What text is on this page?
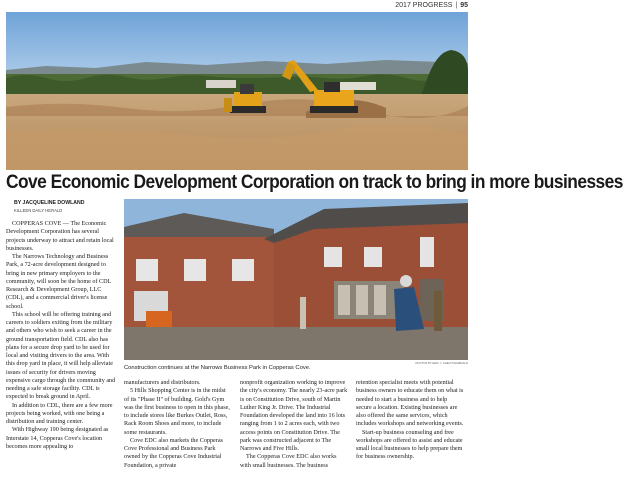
2017 PROGRESS | 95
Cove Economic Development Corporation on track to bring in more businesses
BY JACQUELINE DOWLAND
KILLEEN DAILY HERALD

COPPERAS COVE — The Economic Development Corporation has several projects underway to attract and retain local businesses.

The Narrows Technology and Business Park, a 72-acre development designed to bring in new primary employers to the community, will soon be the home of CDL Research & Development Group, LLC (CDL), and a commercial driver's license school.

This school will be offering training and careers to soldiers exiting from the military and others who wish to seek a career in the ground transportation field. CDL also has plans for a secure drop yard to be used for local and visiting drivers to the area. With this drop yard in place, it will help alleviate issues of security for drivers moving expensive cargo through the community and needing a safe storage facility. CDL is expected to break ground in April.

In addition to CDL, there are a few more projects being worked, with one being a distribution and training center.

With Highway 190 being designated as Interstate 14, Copperas Cove's location becomes more appealing to

PHOTOS BY ERIC J. SHELTON/HERALD
Construction continues at the Narrows Business Park in Copperas Cove.

manufacturers and distributors.

5 Hills Shopping Center is in the midst of its "Phase II" of building. Gold's Gym was the first business to open in this phase, to include stores like Burkes Outlet, Ross, Rack Room Shoes and more, to include some restaurants.

Cove EDC also markets the Copperas Cove Professional and Business Park owned by the Copperas Cove Industrial Foundation, a private

nonprofit organization working to improve the city's economy. The nearly 23-acre park is on Constitution Drive, south of Martin Luther King Jr. Drive. The Industrial Foundation developed the land into 16 lots ranging from 1 to 2 acres each, with two access points on Constitution Drive. The park was constructed adjacent to The Narrows and Five Hills.

The Copperas Cove EDC also works with small businesses. The business

retention specialist meets with potential business owners to educate them on what is needed to start a business and to help secure a location. Existing businesses are also offered the same services, which includes workshops and networking events.

Start-up business counseling and free workshops are offered to assist and educate small local businesses to help prepare them for business ownership.
